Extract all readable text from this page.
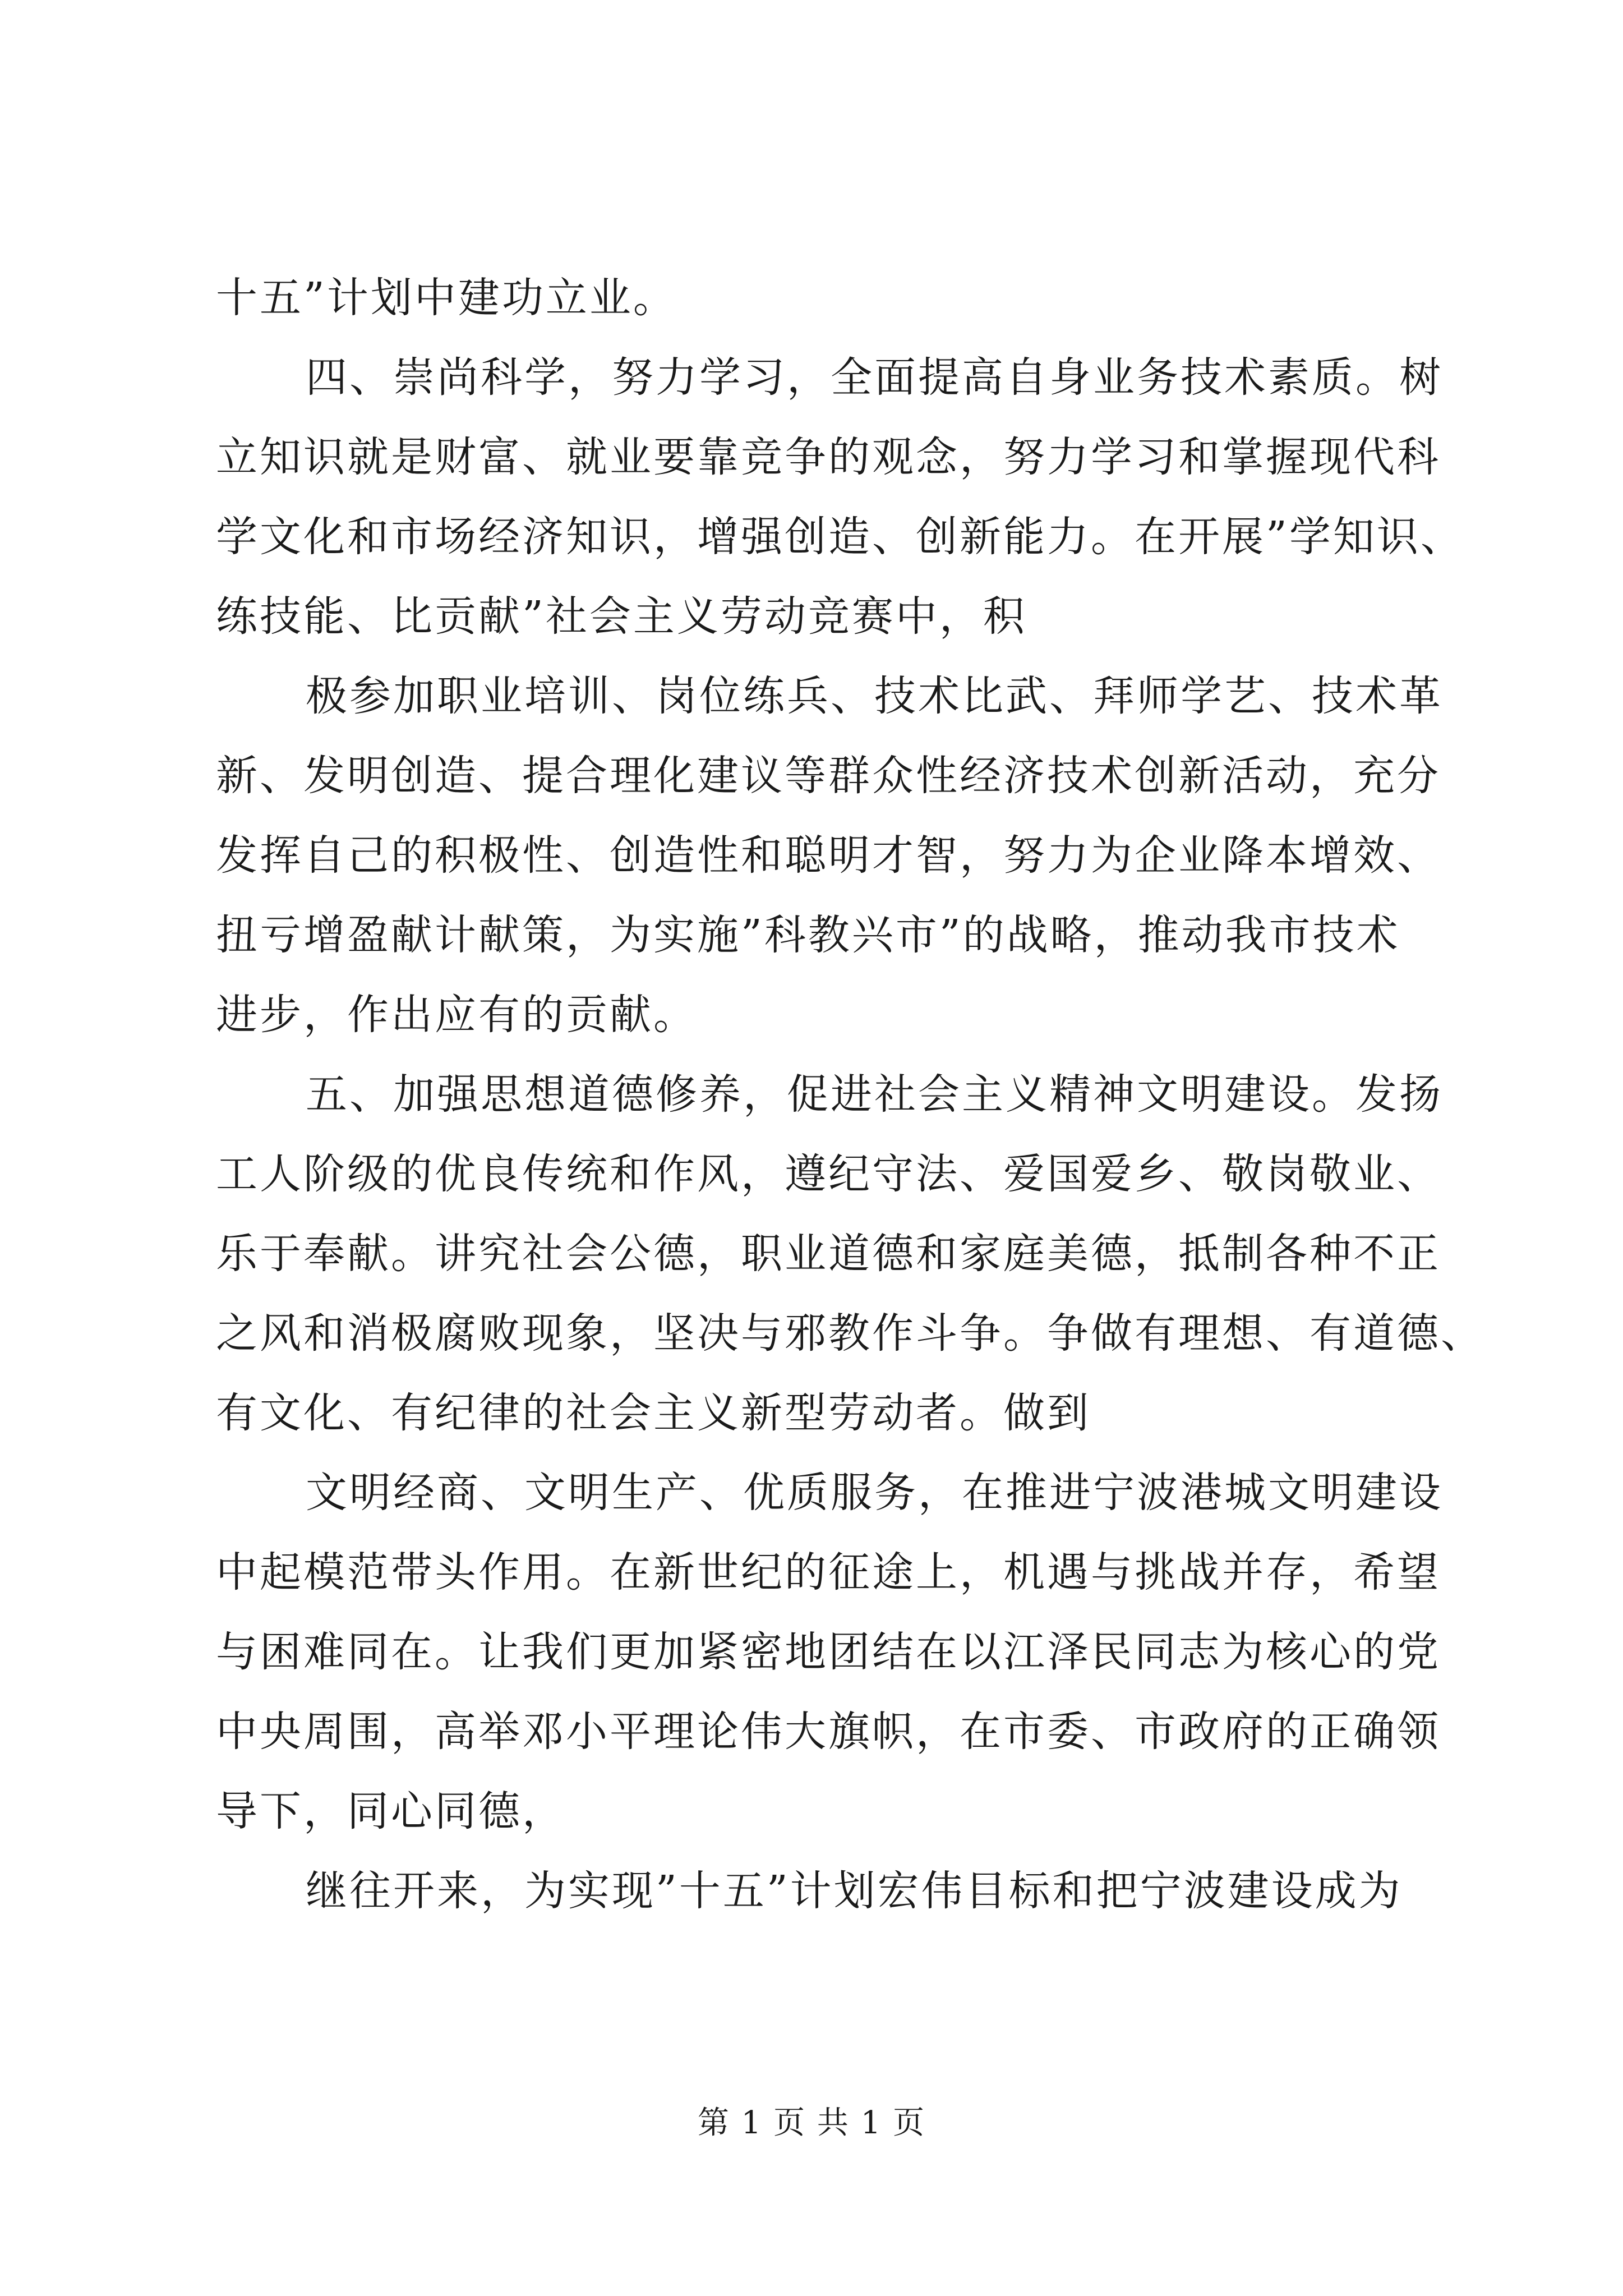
十五”计划中建功立业。
四、崇尚科学，努力学习，全面提高自身业务技术素质。树
立知识就是财富、就业要靠竞争的观念，努力学习和掌握现代科
学文化和市场经济知识，增强创造、创新能力。在开展”学知识、
练技能、比贡献”社会主义劳动竞赛中，积
极参加职业培训、岗位练兵、技术比武、拜师学艺、技术革
新、发明创造、提合理化建议等群众性经济技术创新活动，充分
发挥自己的积极性、创造性和聪明才智，努力为企业降本增效、
扭亏增盈献计献策，为实施”科教兴市”的战略，推动我市技术
进步，作出应有的贡献。
五、加强思想道德修养，促进社会主义精神文明建设。发扬
工人阶级的优良传统和作风，遵纪守法、爱国爱乡、敬岗敬业、
乐于奉献。讲究社会公德，职业道德和家庭美德，抵制各种不正
之风和消极腐败现象，坚决与邪教作斗争。争做有理想、有道德、
有文化、有纪律的社会主义新型劳动者。做到
文明经商、文明生产、优质服务，在推进宁波港城文明建设
中起模范带头作用。在新世纪的征途上，机遇与挑战并存，希望
与困难同在。让我们更加紧密地团结在以江泽民同志为核心的党
中央周围，高举邓小平理论伟大旗帜，在市委、市政府的正确领
导下，同心同德，
继往开来，为实现”十五”计划宏伟目标和把宁波建设成为
第 1 页 共 1 页
